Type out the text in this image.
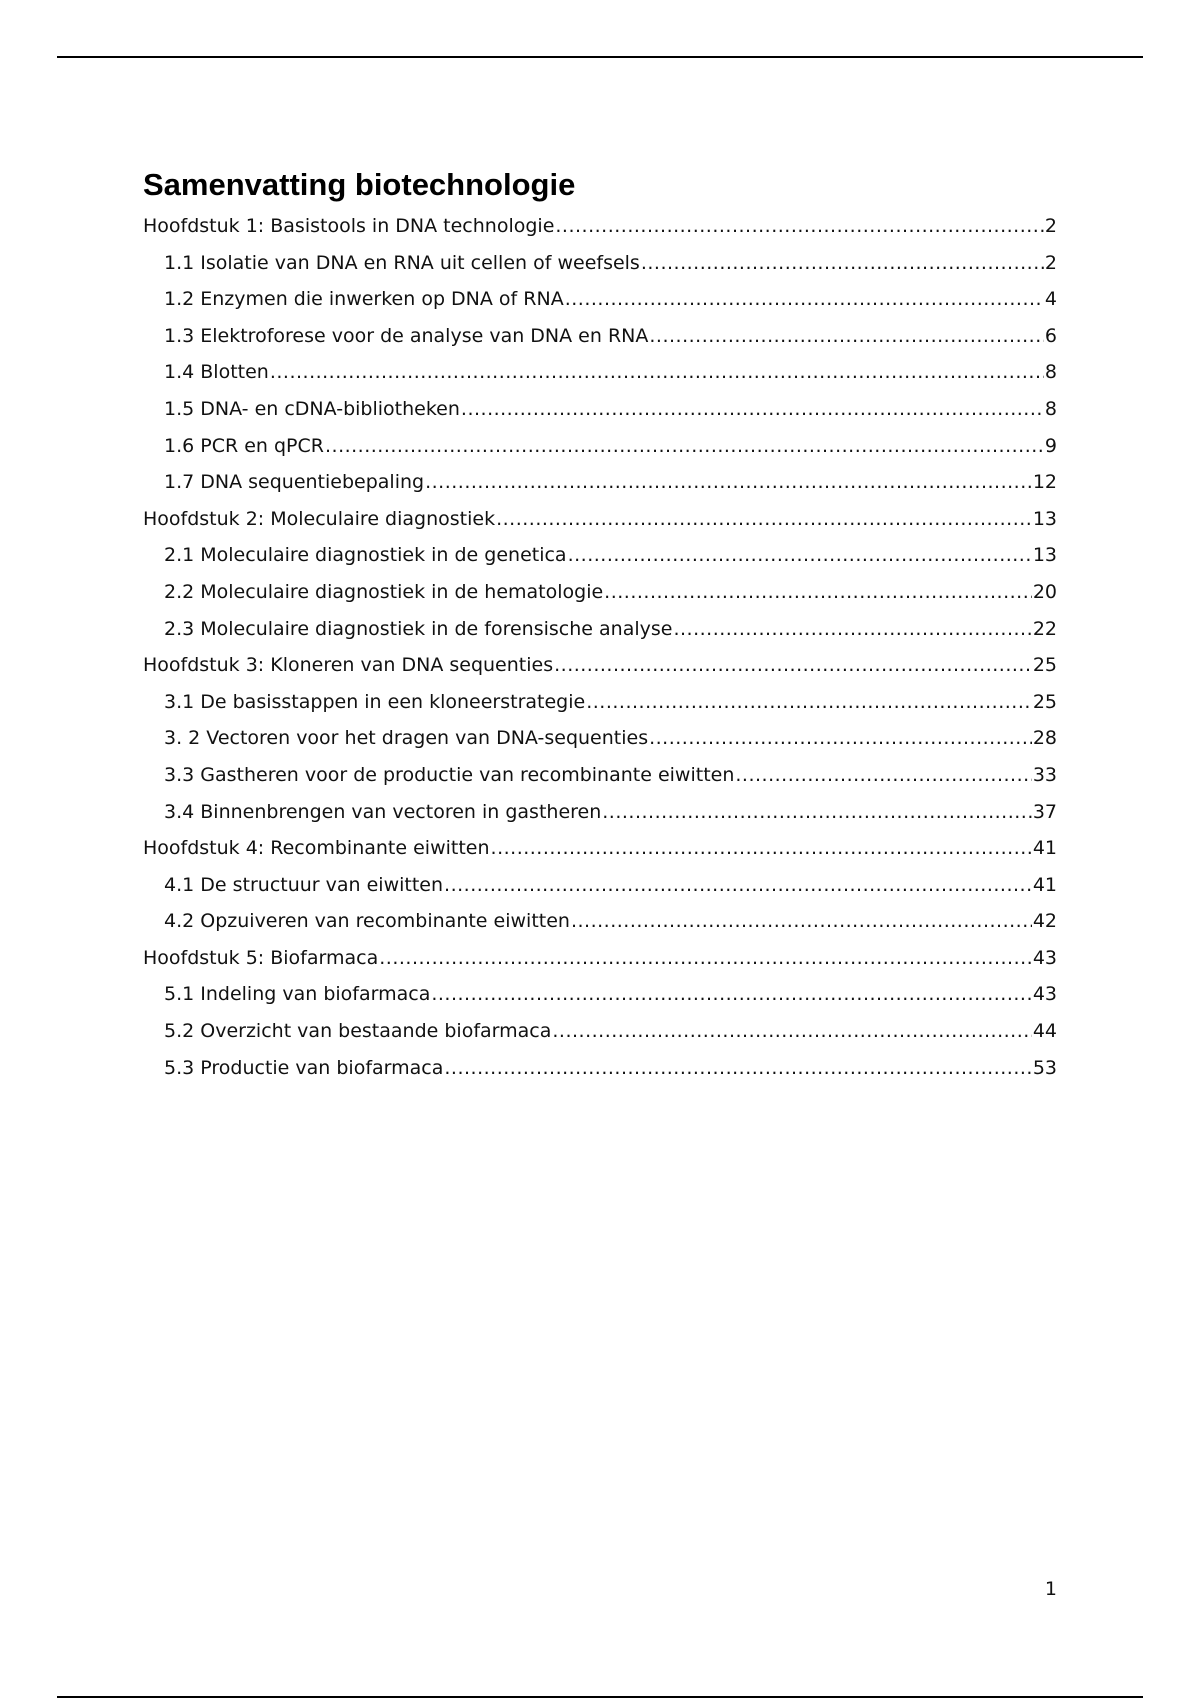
Samenvatting biotechnologie
Hoofdstuk 1: Basistools in DNA technologie .....	2
1.1 Isolatie van DNA en RNA uit cellen of weefsels .....	2
1.2 Enzymen die inwerken op DNA of RNA .....	4
1.3 Elektroforese voor de analyse van DNA en RNA .....	6
1.4 Blotten .....	8
1.5 DNA- en cDNA-bibliotheken .....	8
1.6 PCR en qPCR .....	9
1.7 DNA sequentiebepaling .....	12
Hoofdstuk 2: Moleculaire diagnostiek .....	13
2.1 Moleculaire diagnostiek in de genetica .....	13
2.2 Moleculaire diagnostiek in de hematologie .....	20
2.3 Moleculaire diagnostiek in de forensische analyse .....	22
Hoofdstuk 3: Kloneren van DNA sequenties .....	25
3.1 De basisstappen in een kloneerstrategie .....	25
3. 2 Vectoren voor het dragen van DNA-sequenties .....	28
3.3 Gastheren voor de productie van recombinante eiwitten .....	33
3.4 Binnenbrengen van vectoren in gastheren .....	37
Hoofdstuk 4: Recombinante eiwitten .....	41
4.1 De structuur van eiwitten .....	41
4.2 Opzuiveren van recombinante eiwitten .....	42
Hoofdstuk 5: Biofarmaca .....	43
5.1 Indeling van biofarmaca .....	43
5.2 Overzicht van bestaande biofarmaca .....	44
5.3 Productie van biofarmaca .....	53
1
